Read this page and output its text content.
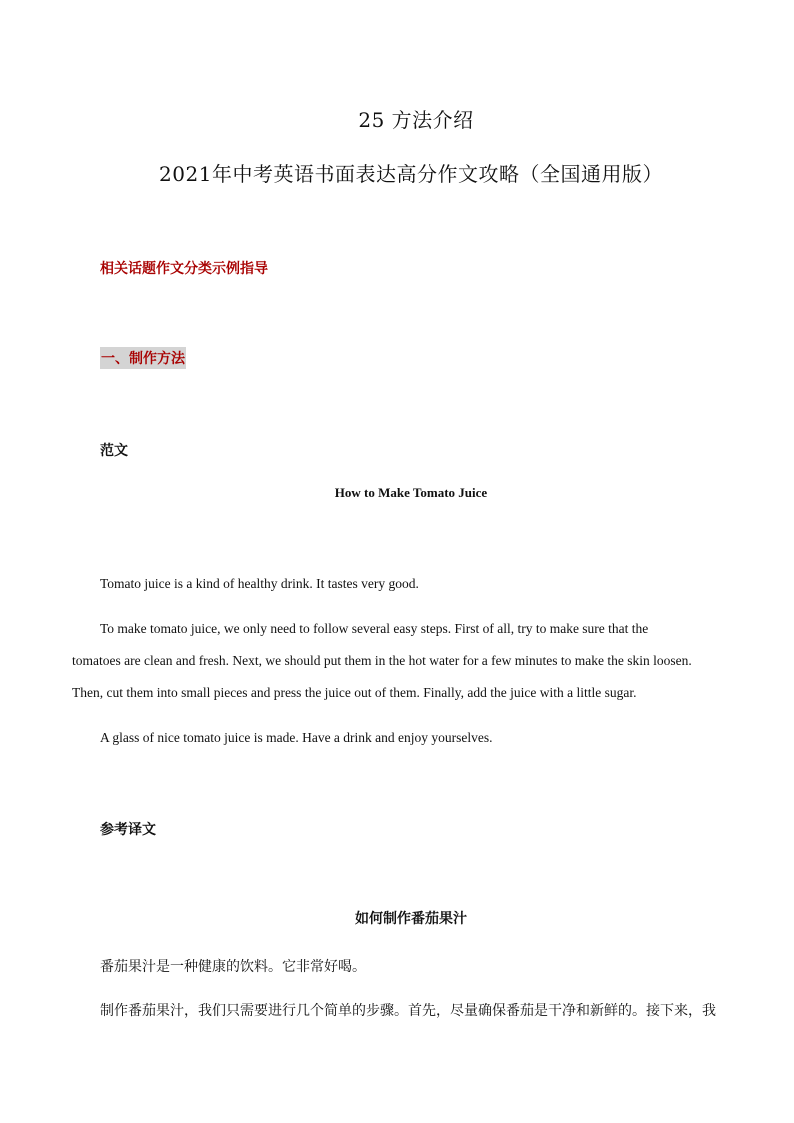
25 方法介绍
2021年中考英语书面表达高分作文攻略（全国通用版）
相关话题作文分类示例指导
一、制作方法
范文
How to Make Tomato Juice
Tomato juice is a kind of healthy drink. It tastes very good.
To make tomato juice, we only need to follow several easy steps. First of all, try to make sure that the
tomatoes are clean and fresh. Next, we should put them in the hot water for a few minutes to make the skin loosen.
Then, cut them into small pieces and press the juice out of them. Finally, add the juice with a little sugar.
A glass of nice tomato juice is made. Have a drink and enjoy yourselves.
参考译文
如何制作番茄果汁
番茄果汁是一种健康的饮料。它非常好喝。
制作番茄果汁，我们只需要进行几个简单的步骤。首先，尽量确保番茄是干净和新鲜的。接下来，我
